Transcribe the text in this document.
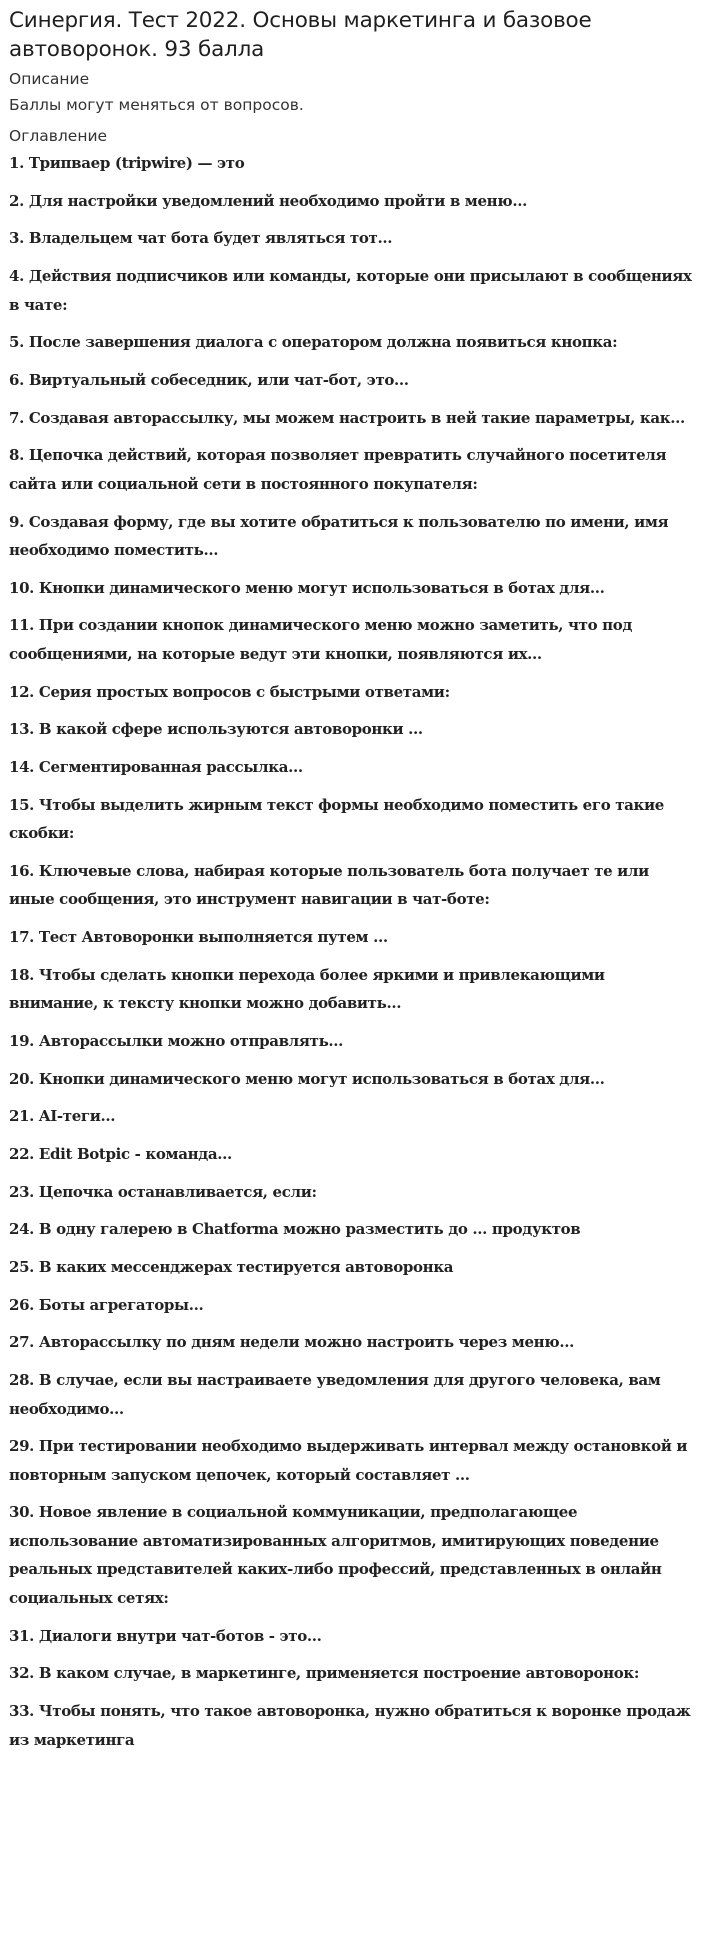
Синергия. Тест 2022. Основы маркетинга и базовое автоворонок. 93 балла
Описание
Баллы могут меняться от вопросов.
Оглавление
1. Трипваер (tripwire) — это
2. Для настройки уведомлений необходимо пройти в меню…
3. Владельцем чат бота будет являться тот…
4. Действия подписчиков или команды, которые они присылают в сообщениях в чате:
5. После завершения диалога с оператором должна появиться кнопка:
6. Виртуальный собеседник, или чат-бот, это…
7. Создавая авторассылку, мы можем настроить в ней такие параметры, как…
8. Цепочка действий, которая позволяет превратить случайного посетителя сайта или социальной сети в постоянного покупателя:
9. Создавая форму, где вы хотите обратиться к пользователю по имени, имя необходимо поместить…
10. Кнопки динамического меню могут использоваться в ботах для…
11. При создании кнопок динамического меню можно заметить, что под сообщениями, на которые ведут эти кнопки, появляются их…
12. Серия простых вопросов с быстрыми ответами:
13. В какой сфере используются автоворонки …
14. Сегментированная рассылка…
15. Чтобы выделить жирным текст формы необходимо поместить его такие скобки:
16. Ключевые слова, набирая которые пользователь бота получает те или иные сообщения, это инструмент навигации в чат-боте:
17. Тест Автоворонки выполняется путем …
18. Чтобы сделать кнопки перехода более яркими и привлекающими внимание, к тексту кнопки можно добавить…
19. Авторассылки можно отправлять…
20. Кнопки динамического меню могут использоваться в ботах для…
21. AI-теги…
22. Edit Botpic - команда…
23. Цепочка останавливается, если:
24. В одну галерею в Chatforma можно разместить до … продуктов
25. В каких мессенджерах тестируется автоворонка
26. Боты агрегаторы…
27. Авторассылку по дням недели можно настроить через меню…
28. В случае, если вы настраиваете уведомления для другого человека, вам необходимо…
29. При тестировании необходимо выдерживать интервал между остановкой и повторным запуском цепочек, который составляет …
30. Новое явление в социальной коммуникации, предполагающее использование автоматизированных алгоритмов, имитирующих поведение реальных представителей каких-либо профессий, представленных в онлайн социальных сетях:
31. Диалоги внутри чат-ботов - это…
32. В каком случае, в маркетинге, применяется построение автоворонок:
33. Чтобы понять, что такое автоворонка, нужно обратиться к воронке продаж из маркетинга
